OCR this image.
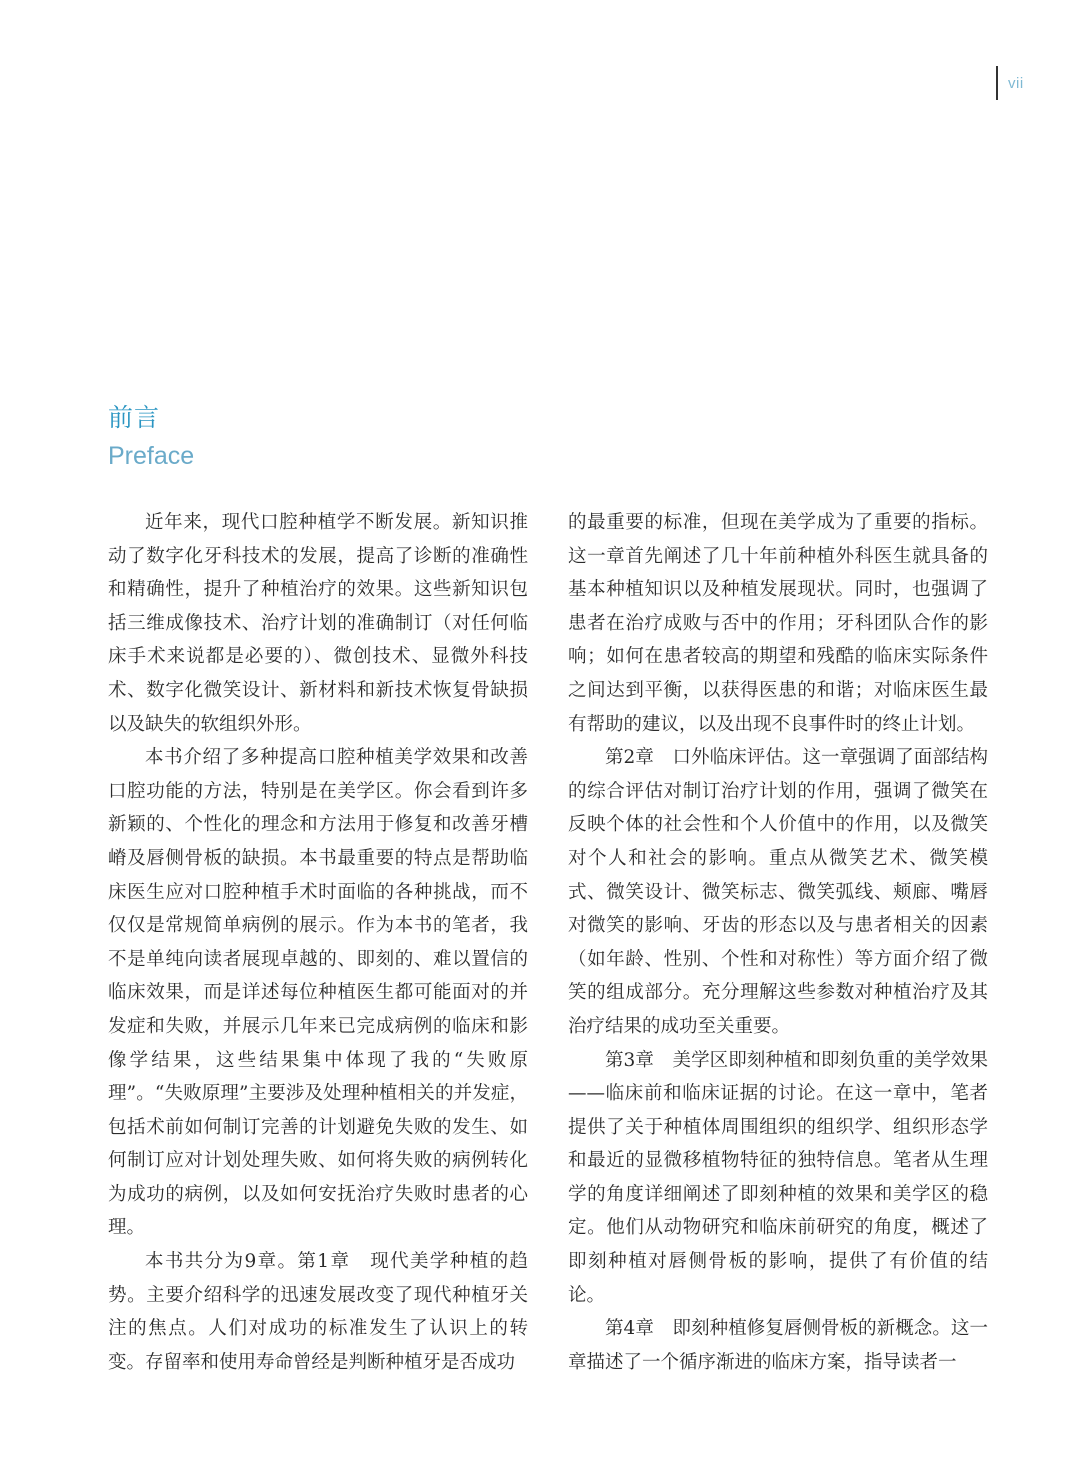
vii
前言
Preface

近年来，现代口腔种植学不断发展。新知识推动了数字化牙科技术的发展，提高了诊断的准确性和精确性，提升了种植治疗的效果。这些新知识包括三维成像技术、治疗计划的准确制订（对任何临床手术来说都是必要的）、微创技术、显微外科技术、数字化微笑设计、新材料和新技术恢复骨缺损以及缺失的软组织外形。

本书介绍了多种提高口腔种植美学效果和改善口腔功能的方法，特别是在美学区。你会看到许多新颖的、个性化的理念和方法用于修复和改善牙槽嵴及唇侧骨板的缺损。本书最重要的特点是帮助临床医生应对口腔种植手术时面临的各种挑战，而不仅仅是常规简单病例的展示。作为本书的笔者，我不是单纯向读者展现卓越的、即刻的、难以置信的临床效果，而是详述每位种植医生都可能面对的并发症和失败，并展示几年来已完成病例的临床和影像学结果，这些结果集中体现了我的“失败原理”。“失败原理”主要涉及处理种植相关的并发症，包括术前如何制订完善的计划避免失败的发生、如何制订应对计划处理失败、如何将失败的病例转化为成功的病例，以及如何安抚治疗失败时患者的心理。

本书共分为9章。第1章　现代美学种植的趋势。主要介绍科学的迅速发展改变了现代种植牙关注的焦点。人们对成功的标准发生了认识上的转变。存留率和使用寿命曾经是判断种植牙是否成功

的最重要的标准，但现在美学成为了重要的指标。这一章首先阐述了几十年前种植外科医生就具备的基本种植知识以及种植发展现状。同时，也强调了患者在治疗成败与否中的作用；牙科团队合作的影响；如何在患者较高的期望和残酷的临床实际条件之间达到平衡，以获得医患的和谐；对临床医生最有帮助的建议，以及出现不良事件时的终止计划。

第2章　口外临床评估。这一章强调了面部结构的综合评估对制订治疗计划的作用，强调了微笑在反映个体的社会性和个人价值中的作用，以及微笑对个人和社会的影响。重点从微笑艺术、微笑模式、微笑设计、微笑标志、微笑弧线、颊廊、嘴唇对微笑的影响、牙齿的形态以及与患者相关的因素（如年龄、性别、个性和对称性）等方面介绍了微笑的组成部分。充分理解这些参数对种植治疗及其治疗结果的成功至关重要。

第3章　美学区即刻种植和即刻负重的美学效果——临床前和临床证据的讨论。在这一章中，笔者提供了关于种植体周围组织的组织学、组织形态学和最近的显微移植物特征的独特信息。笔者从生理学的角度详细阐述了即刻种植的效果和美学区的稳定。他们从动物研究和临床前研究的角度，概述了即刻种植对唇侧骨板的影响，提供了有价值的结论。

第4章　即刻种植修复唇侧骨板的新概念。这一章描述了一个循序渐进的临床方案，指导读者一
